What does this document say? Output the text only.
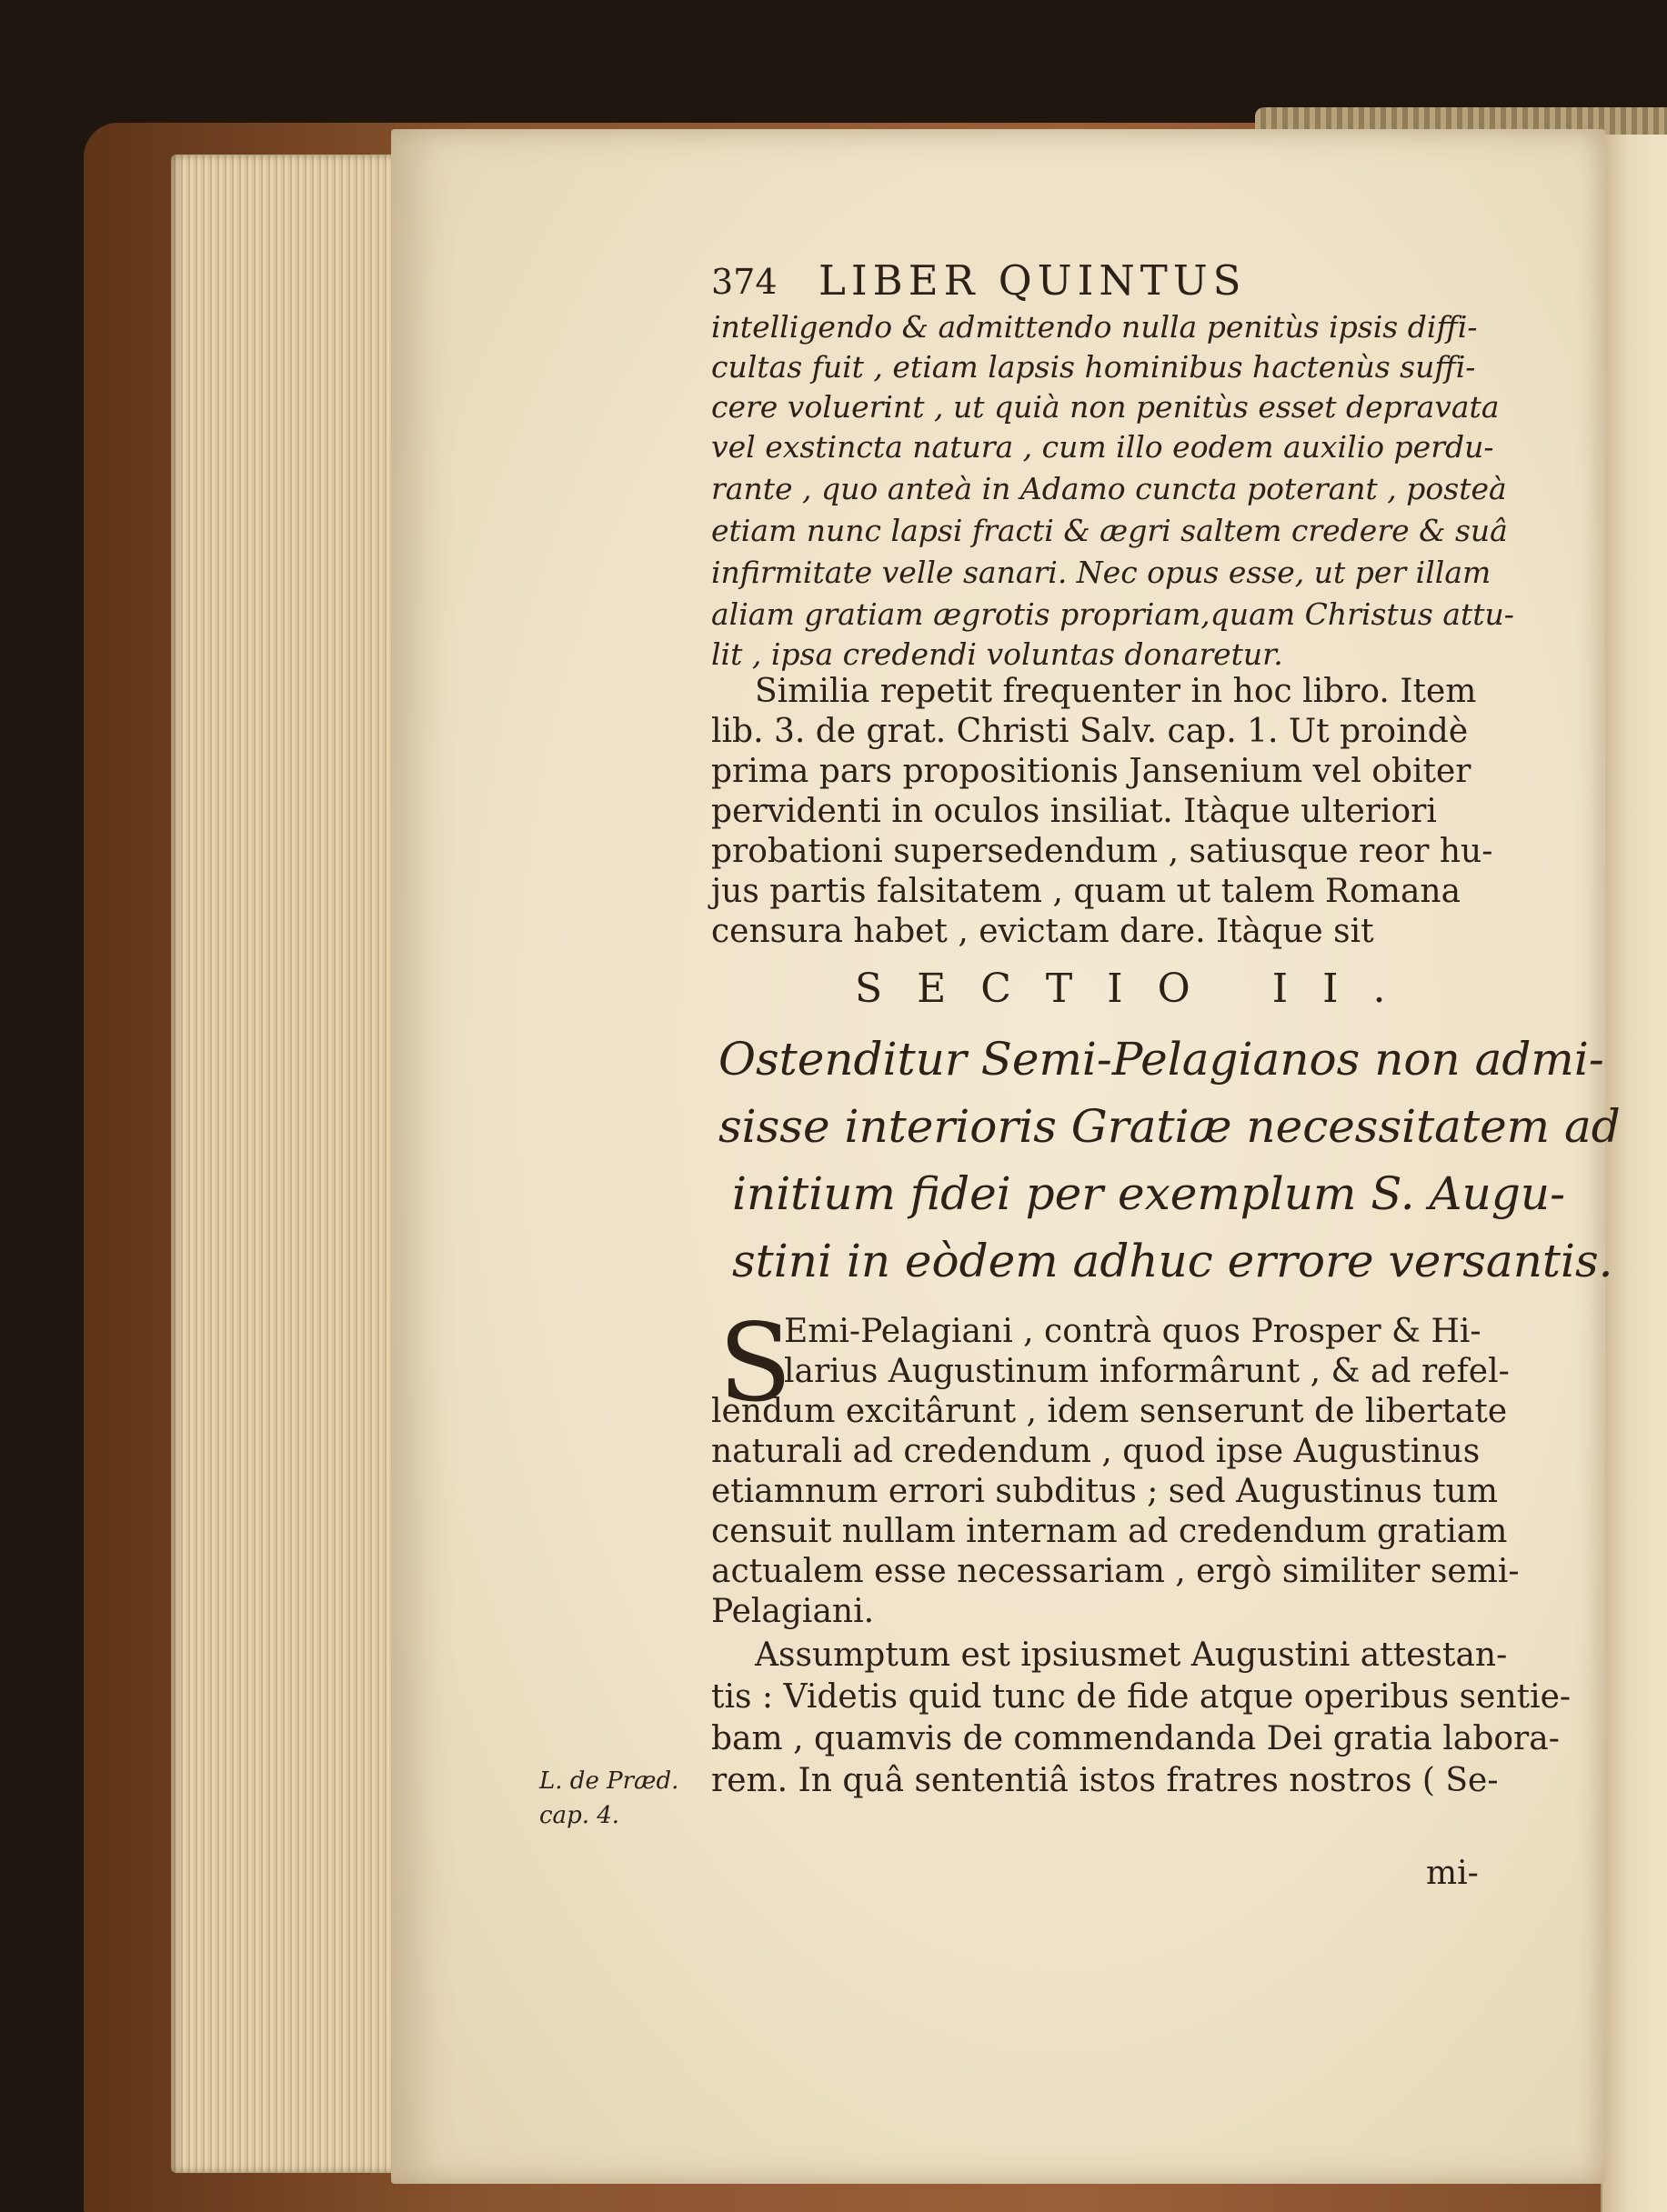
374 LIBER QUINTUS
intelligendo & admittendo nulla penitùs ipsis diffi-
cultas fuit , etiam lapsis hominibus hactenùs suffi-
cere voluerint , ut quià non penitùs esset depravata
vel exstincta natura , cum illo eodem auxilio perdu-
rante , quo anteà in Adamo cuncta poterant , posteà
etiam nunc lapsi fracti & ægri saltem credere & suâ
infirmitate velle sanari. Nec opus esse, ut per illam
aliam gratiam ægrotis propriam,quam Christus attu-
lit , ipsa credendi voluntas donaretur.
Similia repetit frequenter in hoc libro. Item
lib. 3. de grat. Christi Salv. cap. 1. Ut proindè
prima pars propositionis Jansenium vel obiter
pervidenti in oculos insiliat. Itàque ulteriori
probationi supersedendum , satiusque reor hu-
jus partis falsitatem , quam ut talem Romana
censura habet , evictam dare. Itàque sit
SECTIO II.
Ostenditur Semi-Pelagianos non admi-
sisse interioris Gratiæ necessitatem ad
initium fidei per exemplum S. Augu-
stini in eòdem adhuc errore versantis.
S
Emi-Pelagiani , contrà quos Prosper & Hi-
larius Augustinum informârunt , & ad refel-
lendum excitârunt , idem senserunt de libertate
naturali ad credendum , quod ipse Augustinus
etiamnum errori subditus ; sed Augustinus tum
censuit nullam internam ad credendum gratiam
actualem esse necessariam , ergò similiter semi-
Pelagiani.
Assumptum est ipsiusmet Augustini attestan-
tis : Videtis quid tunc de fide atque operibus sentie-
bam , quamvis de commendanda Dei gratia labora-
rem. In quâ sententiâ istos fratres nostros ( Se-
mi-
L. de Præd.
cap. 4.
